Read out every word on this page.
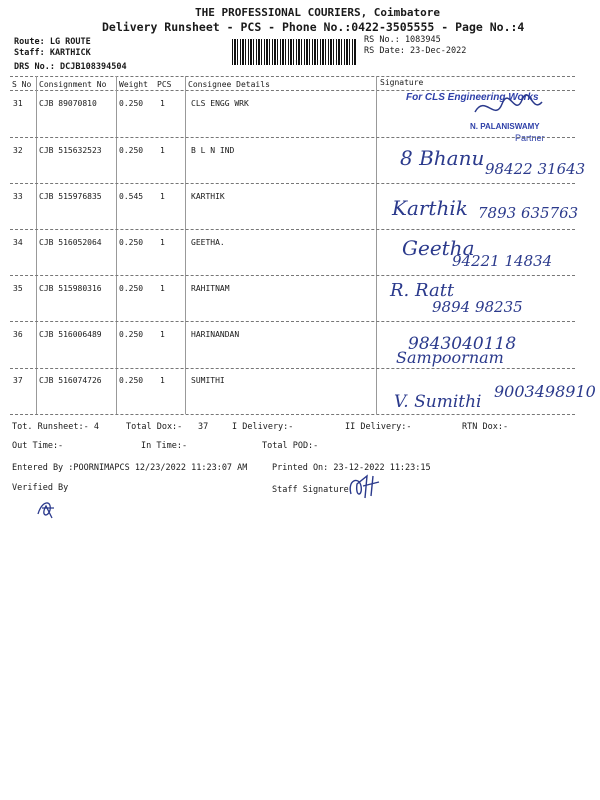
THE PROFESSIONAL COURIERS, Coimbatore
Delivery Runsheet - PCS - Phone No.:0422-3505555 - Page No.:4
Route: LG ROUTE
Staff: KARTHICK
DRS No.: DCJB108394504
RS No.: 1083945
RS Date: 23-Dec-2022
S No Consignment No Weight PCS Consignee Details	Signature
31 CJB 89070810	0.250 1	CLS ENGG WRK
For CLS Engineering Works
N. PALANISWAMY
Partner
32 CJB 515632523 0.250 1	B L N IND	8 Bhanu 98422 31643
33 CJB 515976835 0.545 1	KARTHIK	Karthik 7893 635763
34 CJB 516052064 0.250 1	GEETHA.	Geetha
94221 14834
35 CJB 515980316 0.250 1	RAHITNAM	R. Ratt
9894 98235
36 CJB 516006489 0.250 1	HARINANDAN	9843040118
Sampoornam
37 CJB 516074726 0.250 1	SUMITHI
V. Sumithi
9003498910
Tot. Runsheet:- 4	Total Dox:- 37	I Delivery:-	II Delivery:-	RTN Dox:-
Out Time:-	In Time:-	Total POD:-
Entered By :POORNIMAPCS 12/23/2022 11:23:07 AM	Printed On: 23-12-2022 11:23:15
Verified By	Staff Signature
